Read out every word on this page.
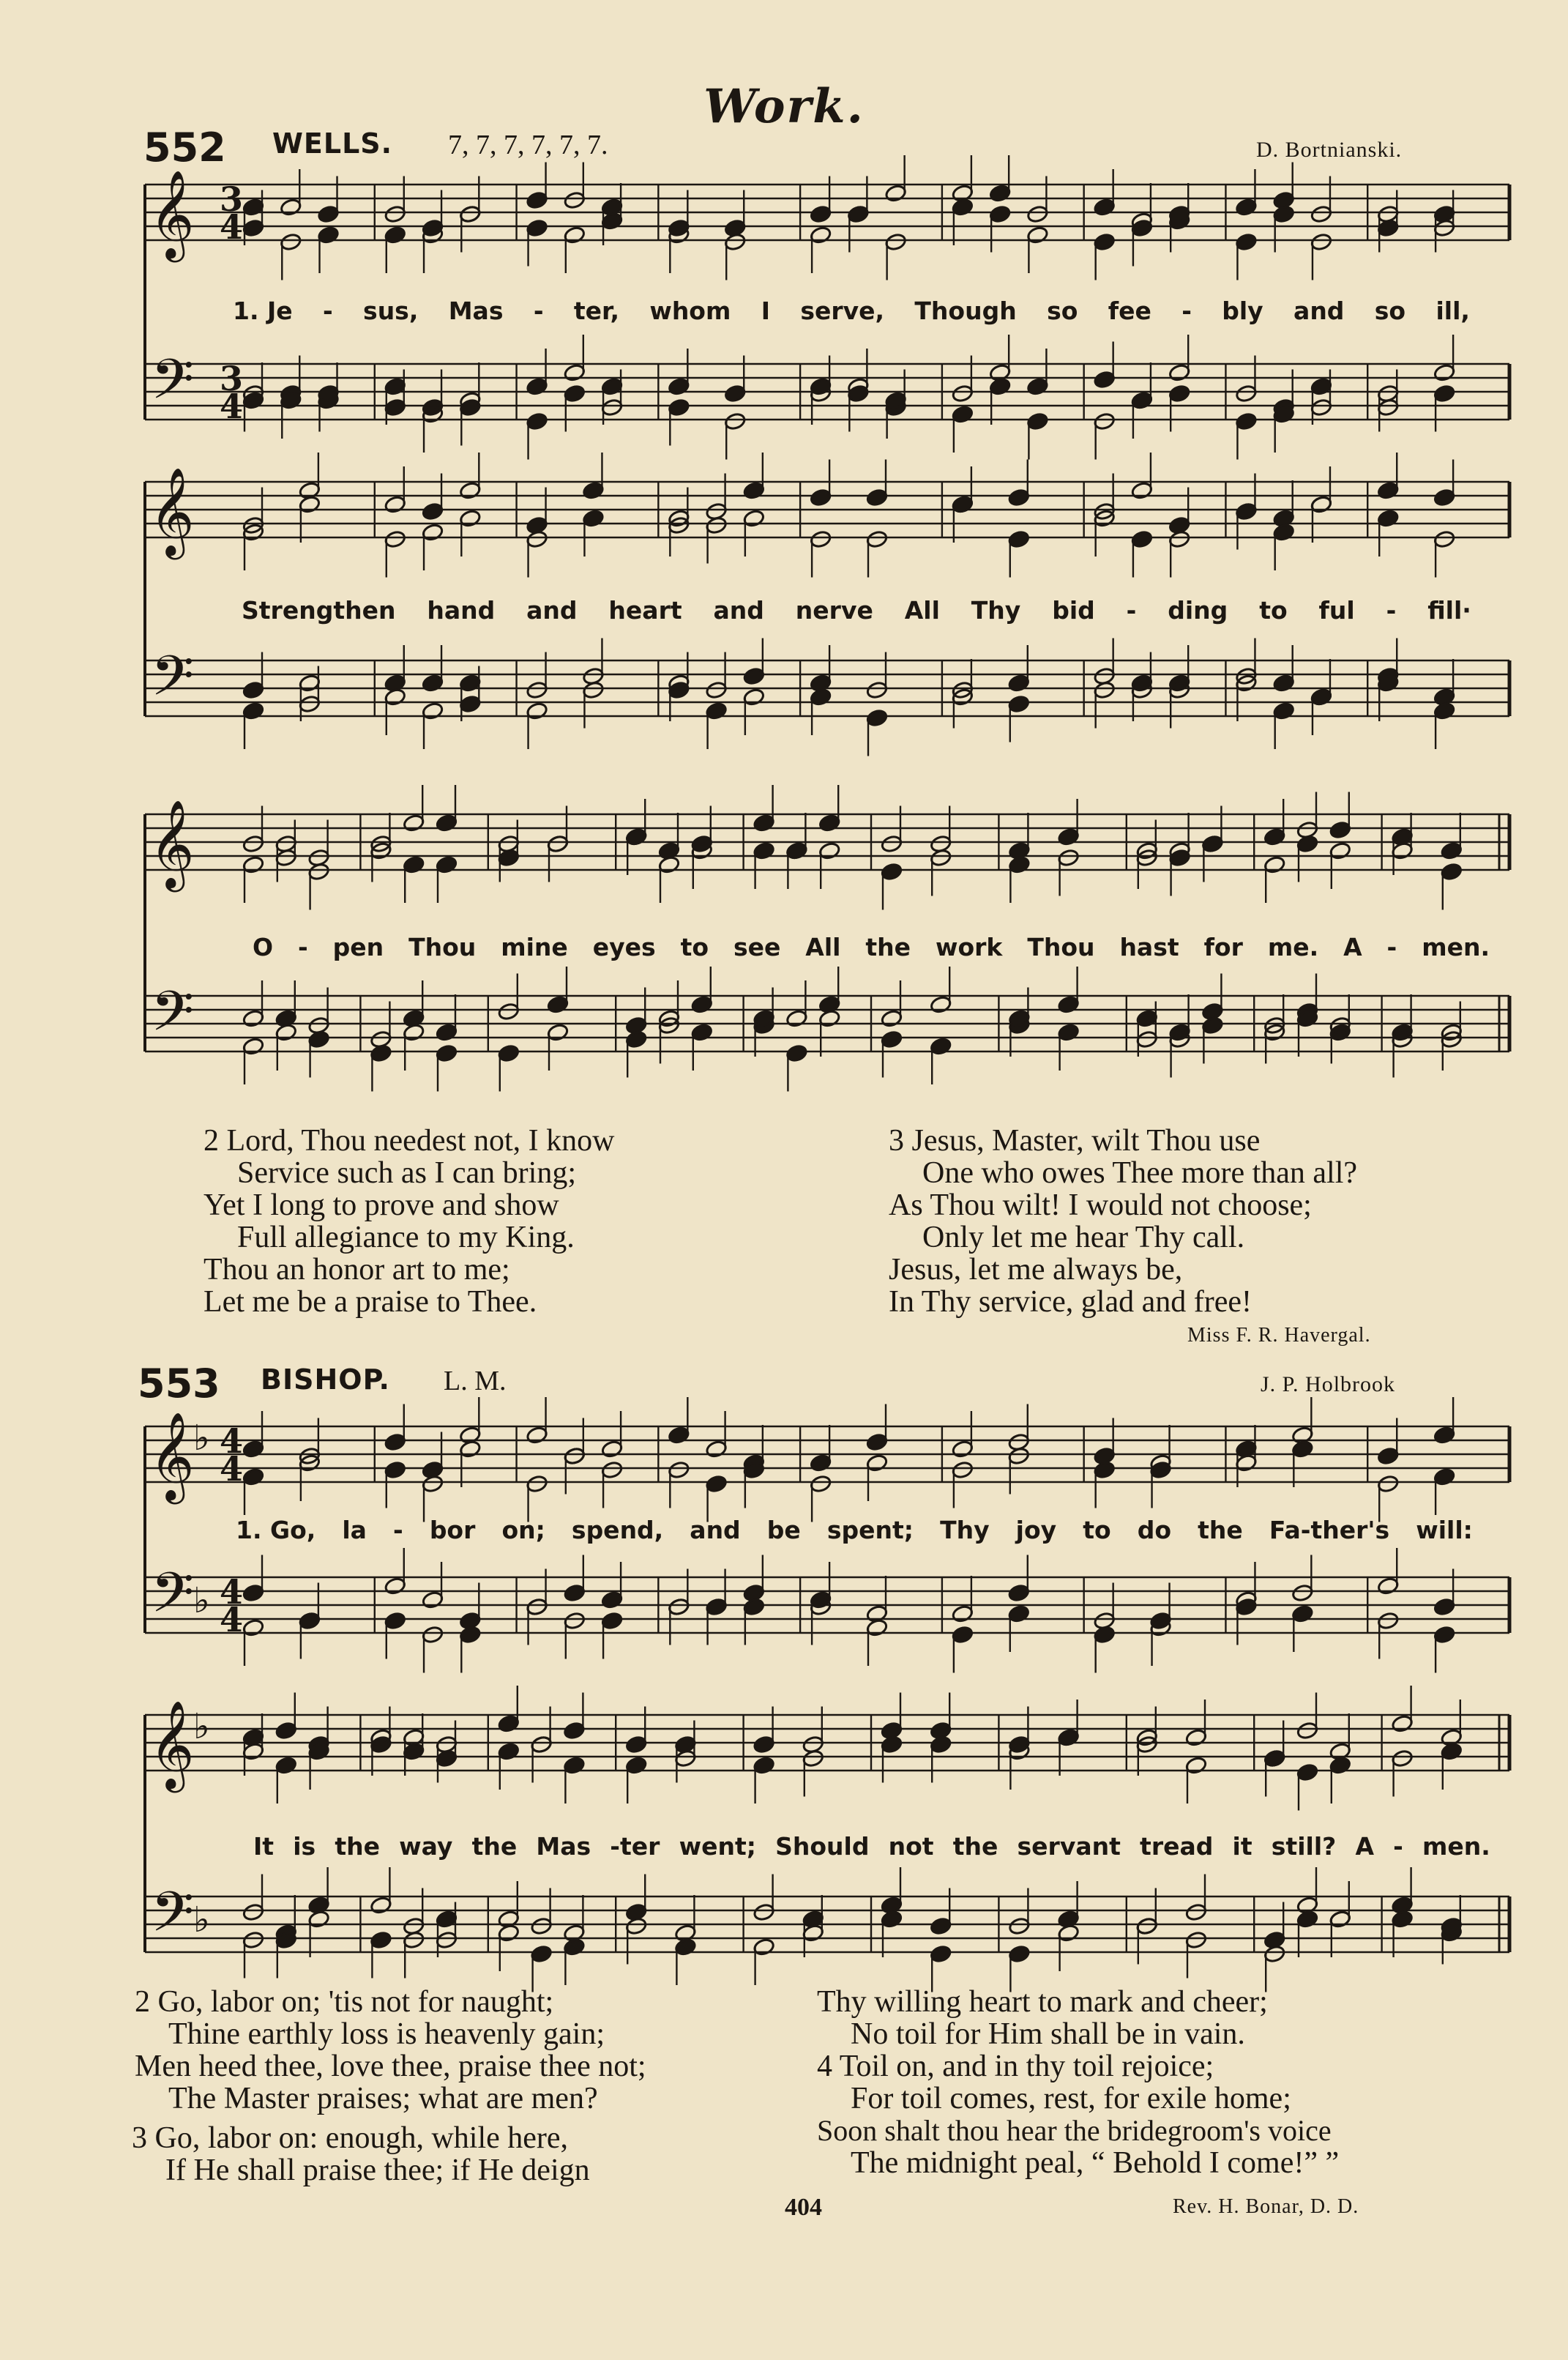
Work.
552 WELLS. 7, 7, 7, 7, 7, 7.	D. Bortnianski.
𝄞
𝄢
3
4
3
4
𝄞
𝄢
𝄞
𝄢
𝄞
𝄢
♭ 4
4
♭ 4
4
𝄞
𝄢
♭
♭
1. Je - sus, Mas - ter, whom I serve, Though so fee - bly and so ill,
Strengthen hand and heart and nerve All Thy bid - ding to ful - fill·
O - pen Thou mine eyes to see All the work Thou hast for me. A - men.
2 Lord, Thou neede​st not, I know
Service such as I can bring;
Yet I long to prove and show
Full allegiance to my King.
Thou an honor art to me;
Let me be a praise to Thee.
3 Jesus, Master, wilt Thou use
One who owes Thee more than all?
As Thou wilt! I would not choose;
Only let me hear Thy call.
Jesus, let me always be,
In Thy service, glad and free!
Miss F. R. Havergal.
553 BISHOP. L. M.	J. P. Holbrook
1. Go, la - bor on; spend, and be spent; Thy joy to do the Fa-ther's will:
It is the way the Mas -ter went; Should not the servant tread it still? A - men.
2 Go, labor on; 'tis not for naught;
Thine earthly loss is heavenly gain;
Men heed thee, love thee, praise thee not;
The Master praises; what are men?
3 Go, labor on: enough, while here,
If He shall praise thee; if He deign
Thy willing heart to mark and cheer;
No toil for Him shall be in vain.
4 Toil on, and in thy toil rejoice;
For toil comes, rest, for exile home;
Soon shalt thou hear the bridegroom's voice
The midnight peal, “ Behold I come!” ”
404	Rev. H. Bonar, D. D.
